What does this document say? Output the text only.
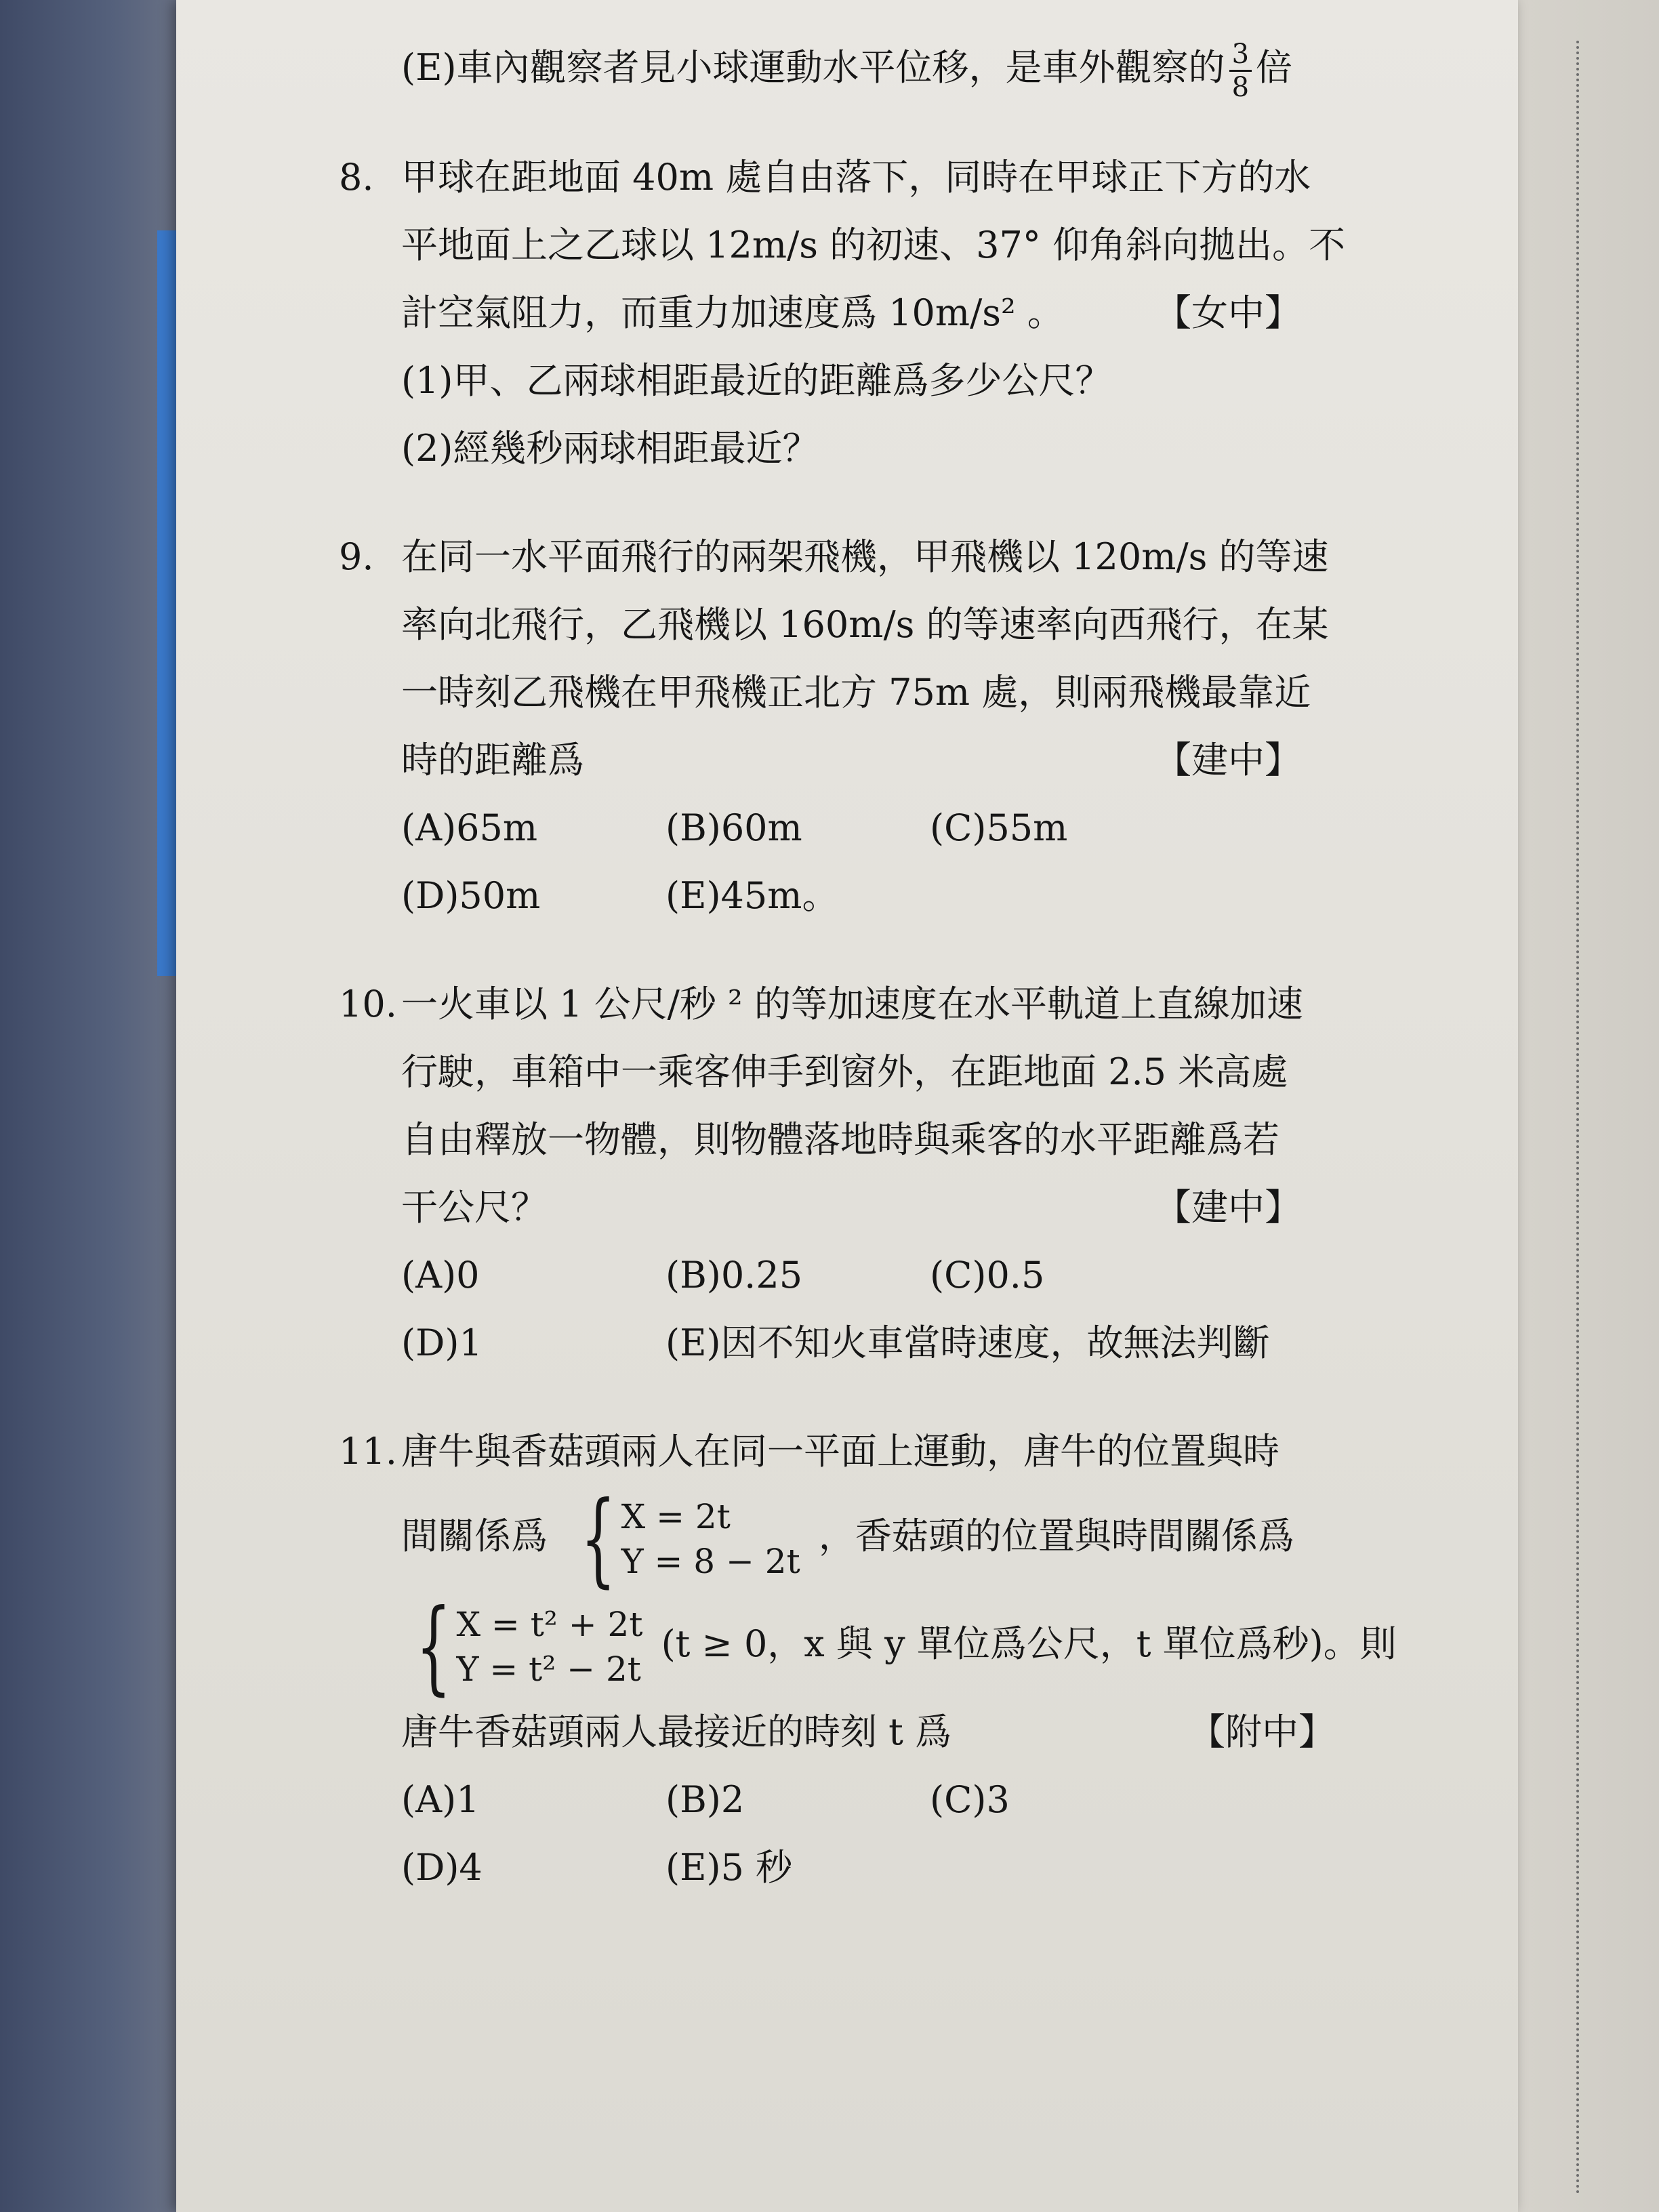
(E)車內觀察者見小球運動水平位移，是車外觀察的 $\frac{3}{8}$ 倍
8. 甲球在距地面 40m 處自由落下，同時在甲球正下方的水
平地面上之乙球以 12m/s 的初速、37° 仰角斜向拋出。不
計空氣阻力，而重力加速度爲 10m/s² 。 【女中】
(1)甲、乙兩球相距最近的距離爲多少公尺？
(2)經幾秒兩球相距最近？
9. 在同一水平面飛行的兩架飛機，甲飛機以 120m/s 的等速
率向北飛行，乙飛機以 160m/s 的等速率向西飛行，在某
一時刻乙飛機在甲飛機正北方 75m 處，則兩飛機最靠近
時的距離爲	【建中】
(A)65m	(B)60m	(C)55m
(D)50m	(E)45m。
10. 一火車以 1 公尺/秒 ² 的等加速度在水平軌道上直線加速
行駛，車箱中一乘客伸手到窗外，在距地面 2.5 米高處
自由釋放一物體，則物體落地時與乘客的水平距離爲若
干公尺？	【建中】
(A)0	(B)0.25	(C)0.5
(D)1	(E)因不知火車當時速度，故無法判斷
11. 唐牛與香菇頭兩人在同一平面上運動，唐牛的位置與時
間關係爲 { X = 2t
Y = 8 − 2t
，香菇頭的位置與時間關係爲
{ X = t² + 2t
Y = t² − 2t
(t ≥ 0，x 與 y 單位爲公尺，t 單位爲秒)。則
唐牛香菇頭兩人最接近的時刻 t 爲	【附中】
(A)1	(B)2	(C)3
(D)4	(E)5 秒
